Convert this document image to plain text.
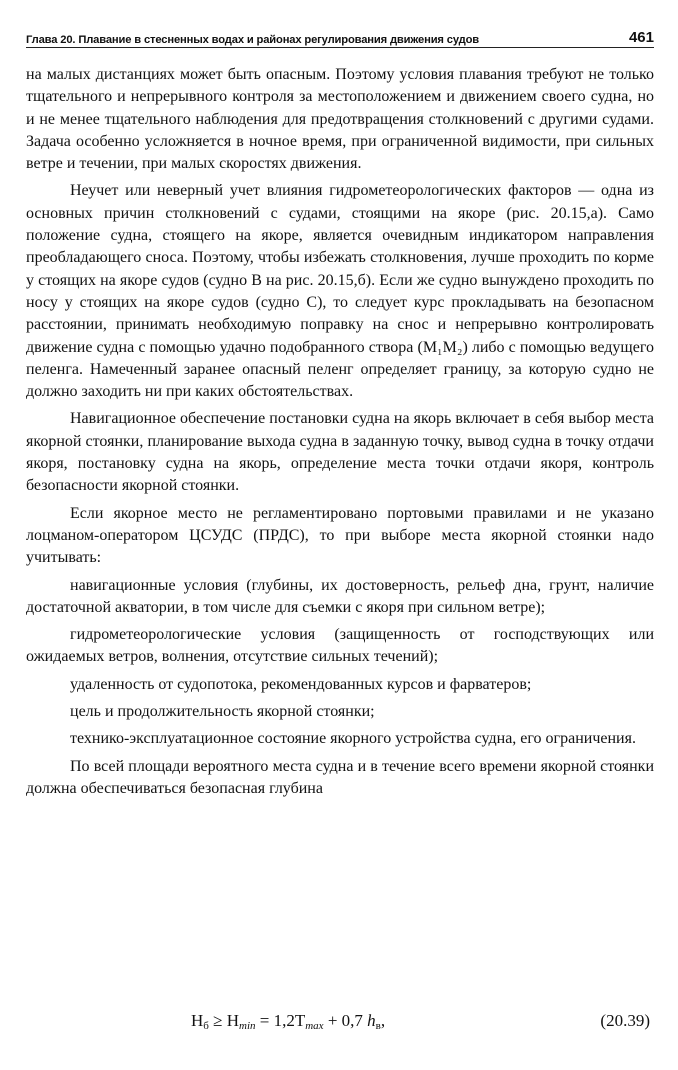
Глава 20. Плавание в стесненных водах и районах регулирования движения судов	461

на малых дистанциях может быть опасным. Поэтому условия плавания требуют не только тщательного и непрерывного контроля за местоположением и движением своего судна, но и не менее тщательного наблюдения для предотвращения столкновений с другими судами. Задача особенно усложняется в ночное время, при ограниченной видимости, при сильных ветре и течении, при малых скоростях движения.

Неучет или неверный учет влияния гидрометеорологических факторов — одна из основных причин столкновений с судами, стоящими на якоре (рис. 20.15,а). Само положение судна, стоящего на якоре, является очевидным индикатором направления преобладающего сноса. Поэтому, чтобы избежать столкновения, лучше проходить по корме у стоящих на якоре судов (судно В на рис. 20.15,б). Если же судно вынуждено проходить по носу у стоящих на якоре судов (судно С), то следует курс прокладывать на безопасном расстоянии, принимать необходимую поправку на снос и непрерывно контролировать движение судна с помощью удачно подобранного створа (M₁M₂) либо с помощью ведущего пеленга. Намеченный заранее опасный пеленг определяет границу, за которую судно не должно заходить ни при каких обстоятельствах.

Навигационное обеспечение постановки судна на якорь включает в себя выбор места якорной стоянки, планирование выхода судна в заданную точку, вывод судна в точку отдачи якоря, постановку судна на якорь, определение места точки отдачи якоря, контроль безопасности якорной стоянки.

Если якорное место не регламентировано портовыми правилами и не указано лоцманом-оператором ЦСУДС (ПРДС), то при выборе места якорной стоянки надо учитывать:

навигационные условия (глубины, их достоверность, рельеф дна, грунт, наличие достаточной акватории, в том числе для съемки с якоря при сильном ветре);

гидрометеорологические условия (защищенность от господствующих или ожидаемых ветров, волнения, отсутствие сильных течений);

удаленность от судопотока, рекомендованных курсов и фарватеров;

цель и продолжительность якорной стоянки;

технико-эксплуатационное состояние якорного устройства судна, его ограничения.

По всей площади вероятного места судна и в течение всего времени якорной стоянки должна обеспечиваться безопасная глубина

$H_б \ge H_{min} = 1,2T_{max} + 0,7$ $h_в$,	(20.39)
